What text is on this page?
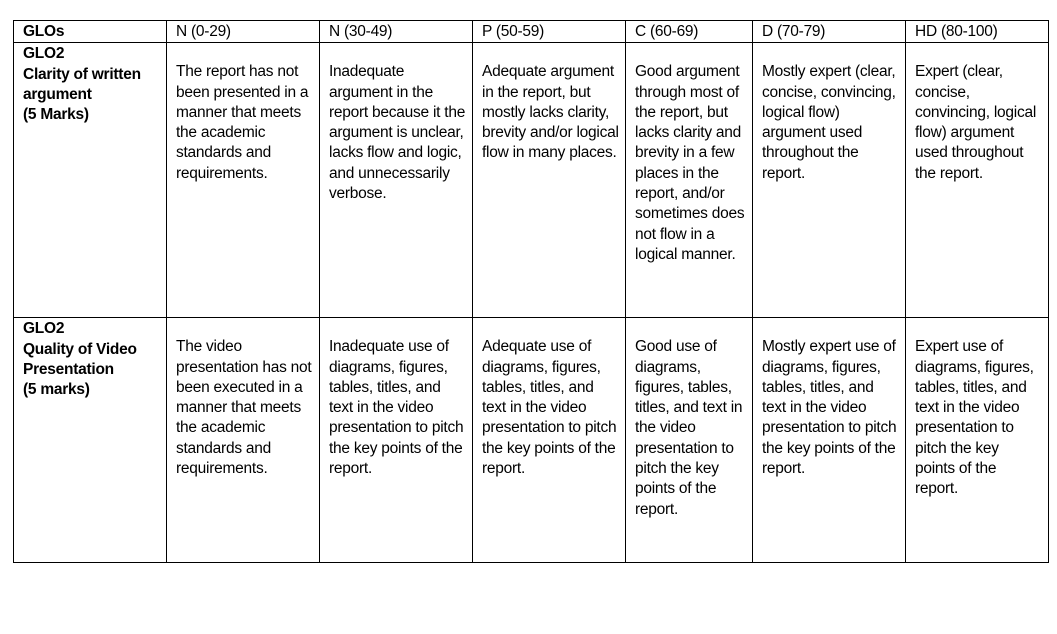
GLOs	N (0-29)	N (30-49)	P (50-59)	C (60-69)	D (70-79)	HD (80-100)

GLO2
Clarity of written argument
(5 Marks)	The report has not been presented in a manner that meets the academic standards and requirements.	Inadequate argument in the report because it the argument is unclear, lacks flow and logic, and unnecessarily verbose.	Adequate argument in the report, but mostly lacks clarity, brevity and/or logical flow in many places.	Good argument through most of the report, but lacks clarity and brevity in a few places in the report, and/or sometimes does not flow in a logical manner.	Mostly expert (clear, concise, convincing, logical flow) argument used throughout the report.	Expert (clear, concise, convincing, logical flow) argument used throughout the report.

GLO2
Quality of Video Presentation
(5 marks)	The video presentation has not been executed in a manner that meets the academic standards and requirements.	Inadequate use of diagrams, figures, tables, titles, and text in the video presentation to pitch the key points of the report.	Adequate use of diagrams, figures, tables, titles, and text in the video presentation to pitch the key points of the report.	Good use of diagrams, figures, tables, titles, and text in the video presentation to pitch the key points of the report.	Mostly expert use of diagrams, figures, tables, titles, and text in the video presentation to pitch the key points of the report.	Expert use of diagrams, figures, tables, titles, and text in the video presentation to pitch the key points of the report.
